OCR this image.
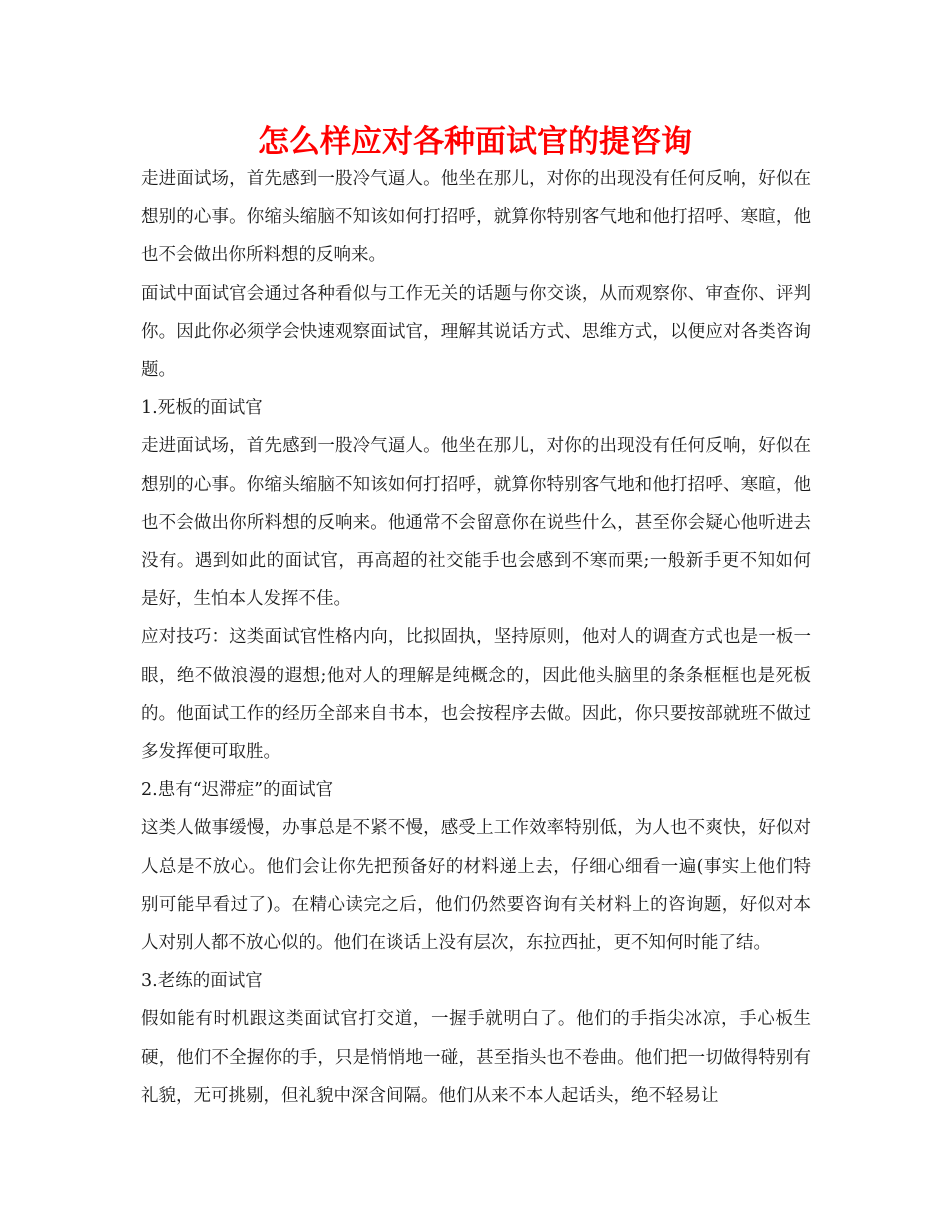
怎么样应对各种面试官的提咨询

走进面试场，首先感到一股冷气逼人。他坐在那儿，对你的出现没有任何反响，好似在想别的心事。你缩头缩脑不知该如何打招呼，就算你特别客气地和他打招呼、寒暄，他也不会做出你所料想的反响来。

面试中面试官会通过各种看似与工作无关的话题与你交谈，从而观察你、审查你、评判你。因此你必须学会快速观察面试官，理解其说话方式、思维方式，以便应对各类咨询题。

1.死板的面试官

走进面试场，首先感到一股冷气逼人。他坐在那儿，对你的出现没有任何反响，好似在想别的心事。你缩头缩脑不知该如何打招呼，就算你特别客气地和他打招呼、寒暄，他也不会做出你所料想的反响来。他通常不会留意你在说些什么，甚至你会疑心他听进去没有。遇到如此的面试官，再高超的社交能手也会感到不寒而栗;一般新手更不知如何是好，生怕本人发挥不佳。

应对技巧：这类面试官性格内向，比拟固执，坚持原则，他对人的调查方式也是一板一眼，绝不做浪漫的遐想;他对人的理解是纯概念的，因此他头脑里的条条框框也是死板的。他面试工作的经历全部来自书本，也会按程序去做。因此，你只要按部就班不做过多发挥便可取胜。

2.患有“迟滞症”的面试官

这类人做事缓慢，办事总是不紧不慢，感受上工作效率特别低，为人也不爽快，好似对人总是不放心。他们会让你先把预备好的材料递上去，仔细心细看一遍(事实上他们特别可能早看过了)。在精心读完之后，他们仍然要咨询有关材料上的咨询题，好似对本人对别人都不放心似的。他们在谈话上没有层次，东拉西扯，更不知何时能了结。

3.老练的面试官

假如能有时机跟这类面试官打交道，一握手就明白了。他们的手指尖冰凉，手心板生硬，他们不全握你的手，只是悄悄地一碰，甚至指头也不卷曲。他们把一切做得特别有礼貌，无可挑剔，但礼貌中深含间隔。他们从来不本人起话头，绝不轻易让
